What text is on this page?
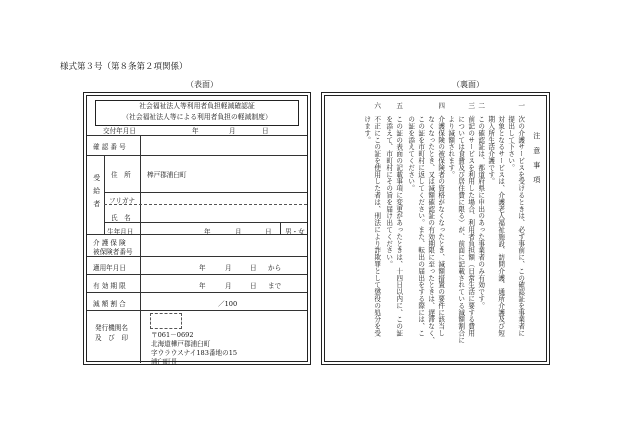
様式第３号（第８条第２項関係）
（表面）	（裏面）
社会福祉法人等利用者負担軽減確認証
（社会福祉法人等による利用者負担の軽減制度）
交付年月日	年	月	日
確 認 番 号
受給者 住　所 棒戸郡浦臼町
フリガナ
氏　名
生年月日	年	月	日 男・女
介 護 保 険
被保険者番号
適用年月日	年	月	日 から
有 効 期 限	年	月	日 まで
減 額 割 合	／100
発行機関名
及　び　印	〒061－0692
北海道樺戸郡浦臼町
字ウラウスナイ183番地の15
浦臼町長
注　意　事　項
一　次の介護サービスを受けるときは、必ず事前に、この確認証を事業者に
　　提出して下さい。
　　対象となるサービスは、介護老人福祉施設、訪問介護、通所介護及び短
　　期入所生活介護です。
二　この確認証は、都道府県に申出のあった事業者のみ有効です。
三　前記のサービスを利用した場合、利用者負担額（日常生活に要する費用
　　については食費及び居住費に限る）が、前面に記載されている減額割合に
　　より減額されます。
四　介護保険の被保険者の資格がなくなったとき、減額措置の要件に該当し
　　なくなったとき、又は減額確認証の有効期限に至ったときは、遅滞なく、
　　この証を市町村に返してください。また、転出の届出をする際には、こ
　　の証を添えてください。
五　この証の表面の記載事項に変更があったときは、十四日以内に、この証
　　を添えて、市町村にその旨を届け出てください。
六　不正にこの証を使用した者は、刑法により詐欺罪として懲役の処分を受
　　けます。
